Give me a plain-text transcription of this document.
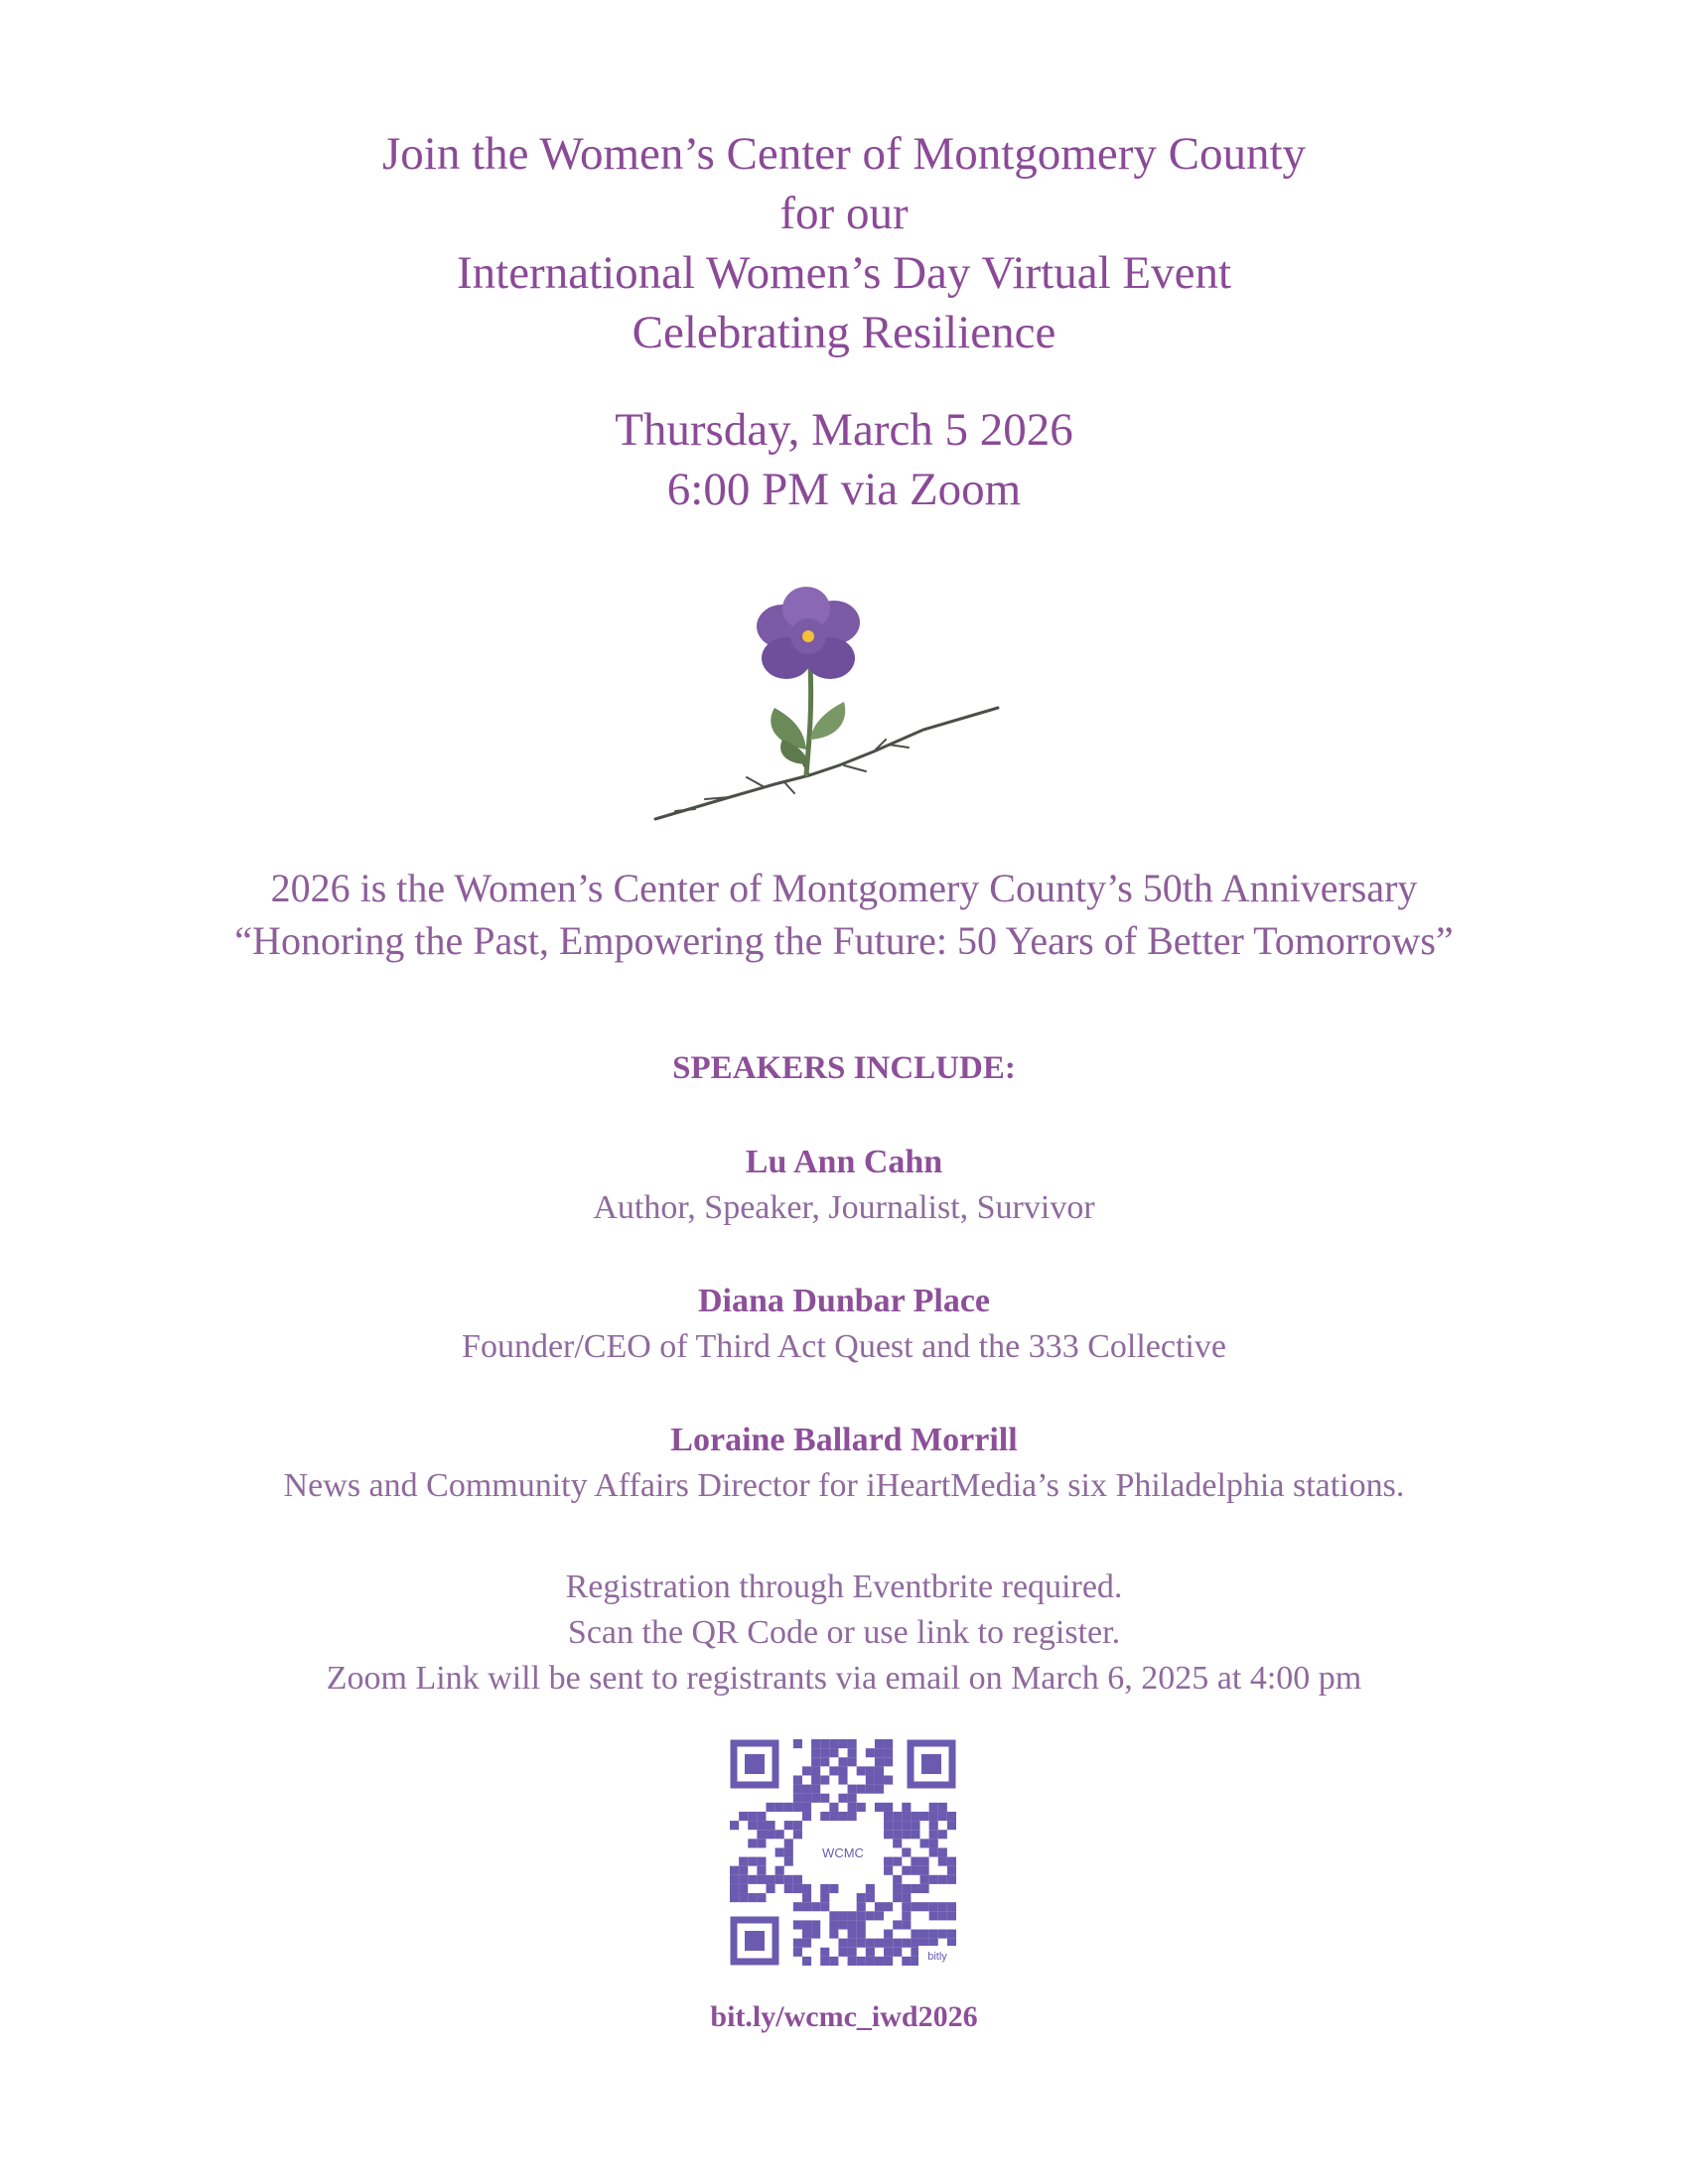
Join the Women’s Center of Montgomery County
for our
International Women’s Day Virtual Event
Celebrating Resilience
Thursday, March 5 2026
6:00 PM via Zoom
2026 is the Women’s Center of Montgomery County’s 50th Anniversary
“Honoring the Past, Empowering the Future: 50 Years of Better Tomorrows”
SPEAKERS INCLUDE:
Lu Ann Cahn
Author, Speaker, Journalist, Survivor
Diana Dunbar Place
Founder/CEO of Third Act Quest and the 333 Collective
Loraine Ballard Morrill
News and Community Affairs Director for iHeartMedia’s six Philadelphia stations.
Registration through Eventbrite required.
Scan the QR Code or use link to register.
Zoom Link will be sent to registrants via email on March 6, 2025 at 4:00 pm
WCMC
bitly
bit.ly/wcmc_iwd2026
